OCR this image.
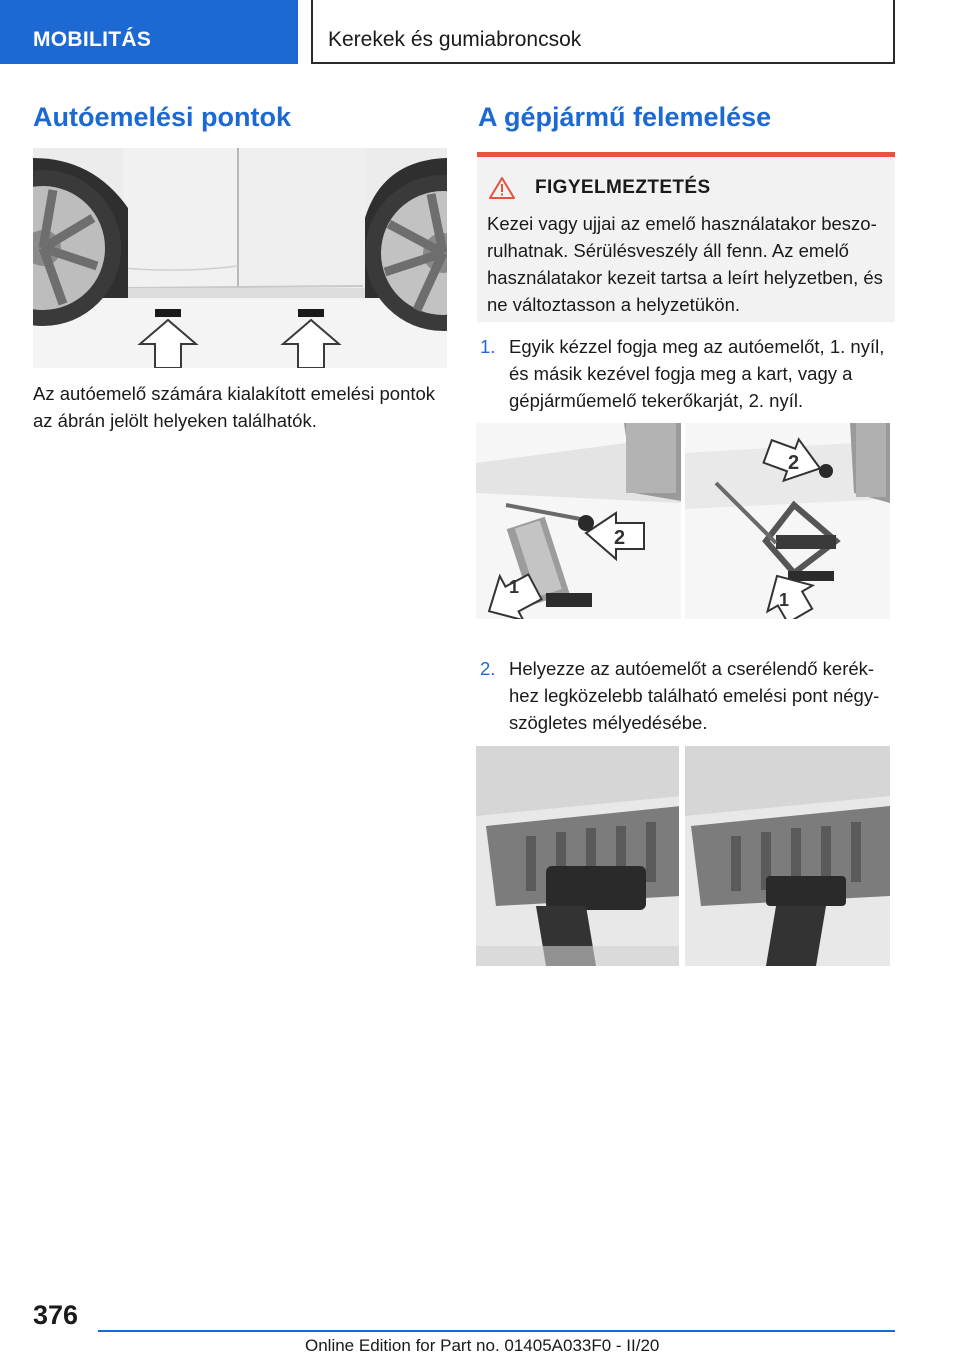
MOBILITÁS	Kerekek és gumiabroncsok
Autóemelési pontok
Az autóemelő számára kialakított emelési pontok
az ábrán jelölt helyeken találhatók.
A gépjármű felemelése
FIGYELMEZTETÉS
Kezei vagy ujjai az emelő használatakor beszo-
rulhatnak. Sérülésveszély áll fenn. Az emelő
használatakor kezeit tartsa a leírt helyzetben, és
ne változtasson a helyzetükön.
1. Egyik kézzel fogja meg az autóemelőt, 1. nyíl,
és másik kezével fogja meg a kart, vagy a
gépjárműemelő tekerőkarját, 2. nyíl.
1
2
2
1
2. Helyezze az autóemelőt a cserélendő kerék-
hez legközelebb található emelési pont négy-
szögletes mélyedésébe.
376
Online Edition for Part no. 01405A033F0 - II/20
